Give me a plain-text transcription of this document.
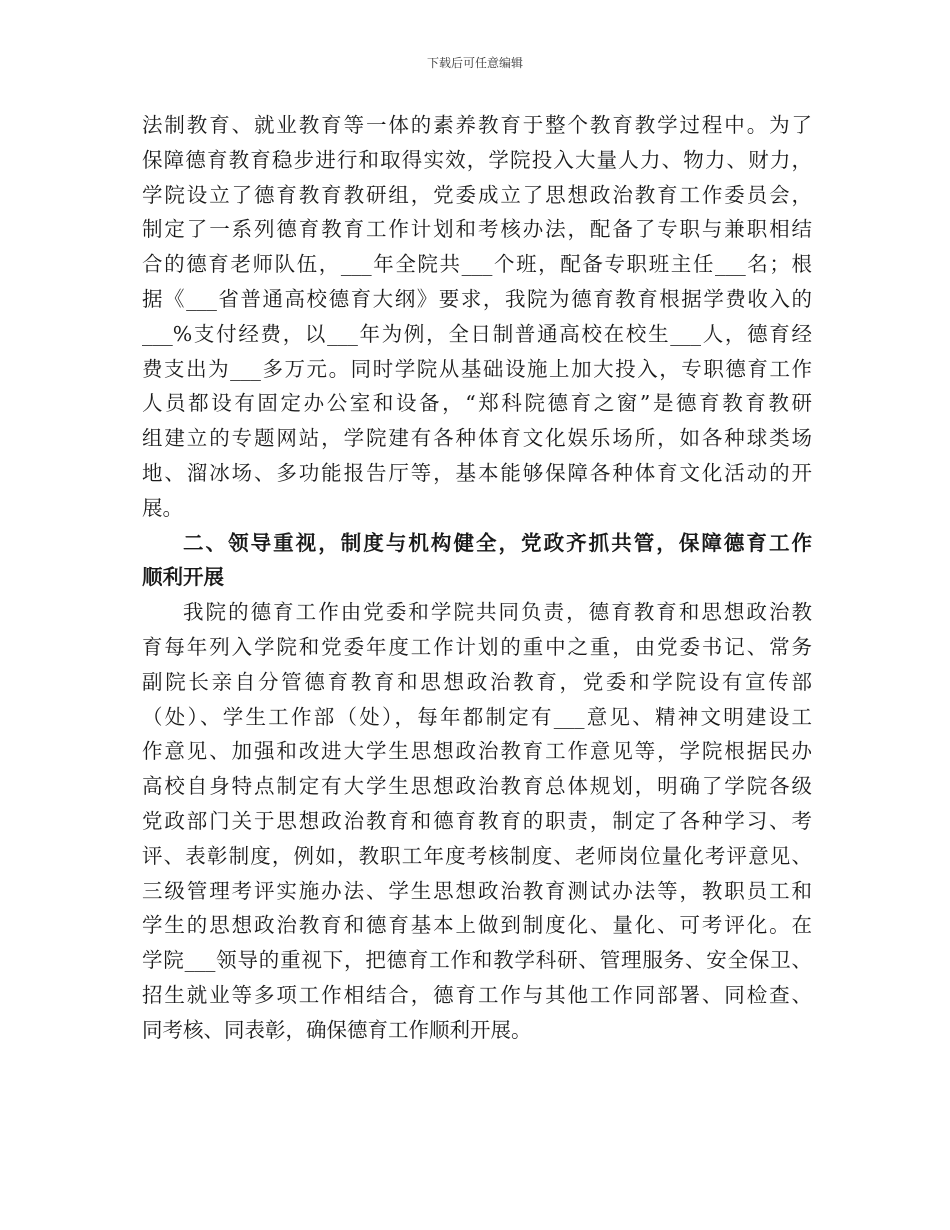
下载后可任意编辑
法制教育、就业教育等一体的素养教育于整个教育教学过程中。为了
保障德育教育稳步进行和取得实效，学院投入大量人力、物力、财力，
学院设立了德育教育教研组，党委成立了思想政治教育工作委员会，
制定了一系列德育教育工作计划和考核办法，配备了专职与兼职相结
合的德育老师队伍，___年全院共___个班，配备专职班主任___名；根
据《___省普通高校德育大纲》要求，我院为德育教育根据学费收入的
___%支付经费，以___年为例，全日制普通高校在校生___人，德育经
费支出为___多万元。同时学院从基础设施上加大投入，专职德育工作
人员都设有固定办公室和设备，“郑科院德育之窗”是德育教育教研
组建立的专题网站，学院建有各种体育文化娱乐场所，如各种球类场
地、溜冰场、多功能报告厅等，基本能够保障各种体育文化活动的开
展。
二、领导重视，制度与机构健全，党政齐抓共管，保障德育工作
顺利开展
我院的德育工作由党委和学院共同负责，德育教育和思想政治教
育每年列入学院和党委年度工作计划的重中之重，由党委书记、常务
副院长亲自分管德育教育和思想政治教育，党委和学院设有宣传部
（处）、学生工作部（处），每年都制定有___意见、精神文明建设工
作意见、加强和改进大学生思想政治教育工作意见等，学院根据民办
高校自身特点制定有大学生思想政治教育总体规划，明确了学院各级
党政部门关于思想政治教育和德育教育的职责，制定了各种学习、考
评、表彰制度，例如，教职工年度考核制度、老师岗位量化考评意见、
三级管理考评实施办法、学生思想政治教育测试办法等，教职员工和
学生的思想政治教育和德育基本上做到制度化、量化、可考评化。在
学院___领导的重视下，把德育工作和教学科研、管理服务、安全保卫、
招生就业等多项工作相结合，德育工作与其他工作同部署、同检查、
同考核、同表彰，确保德育工作顺利开展。
